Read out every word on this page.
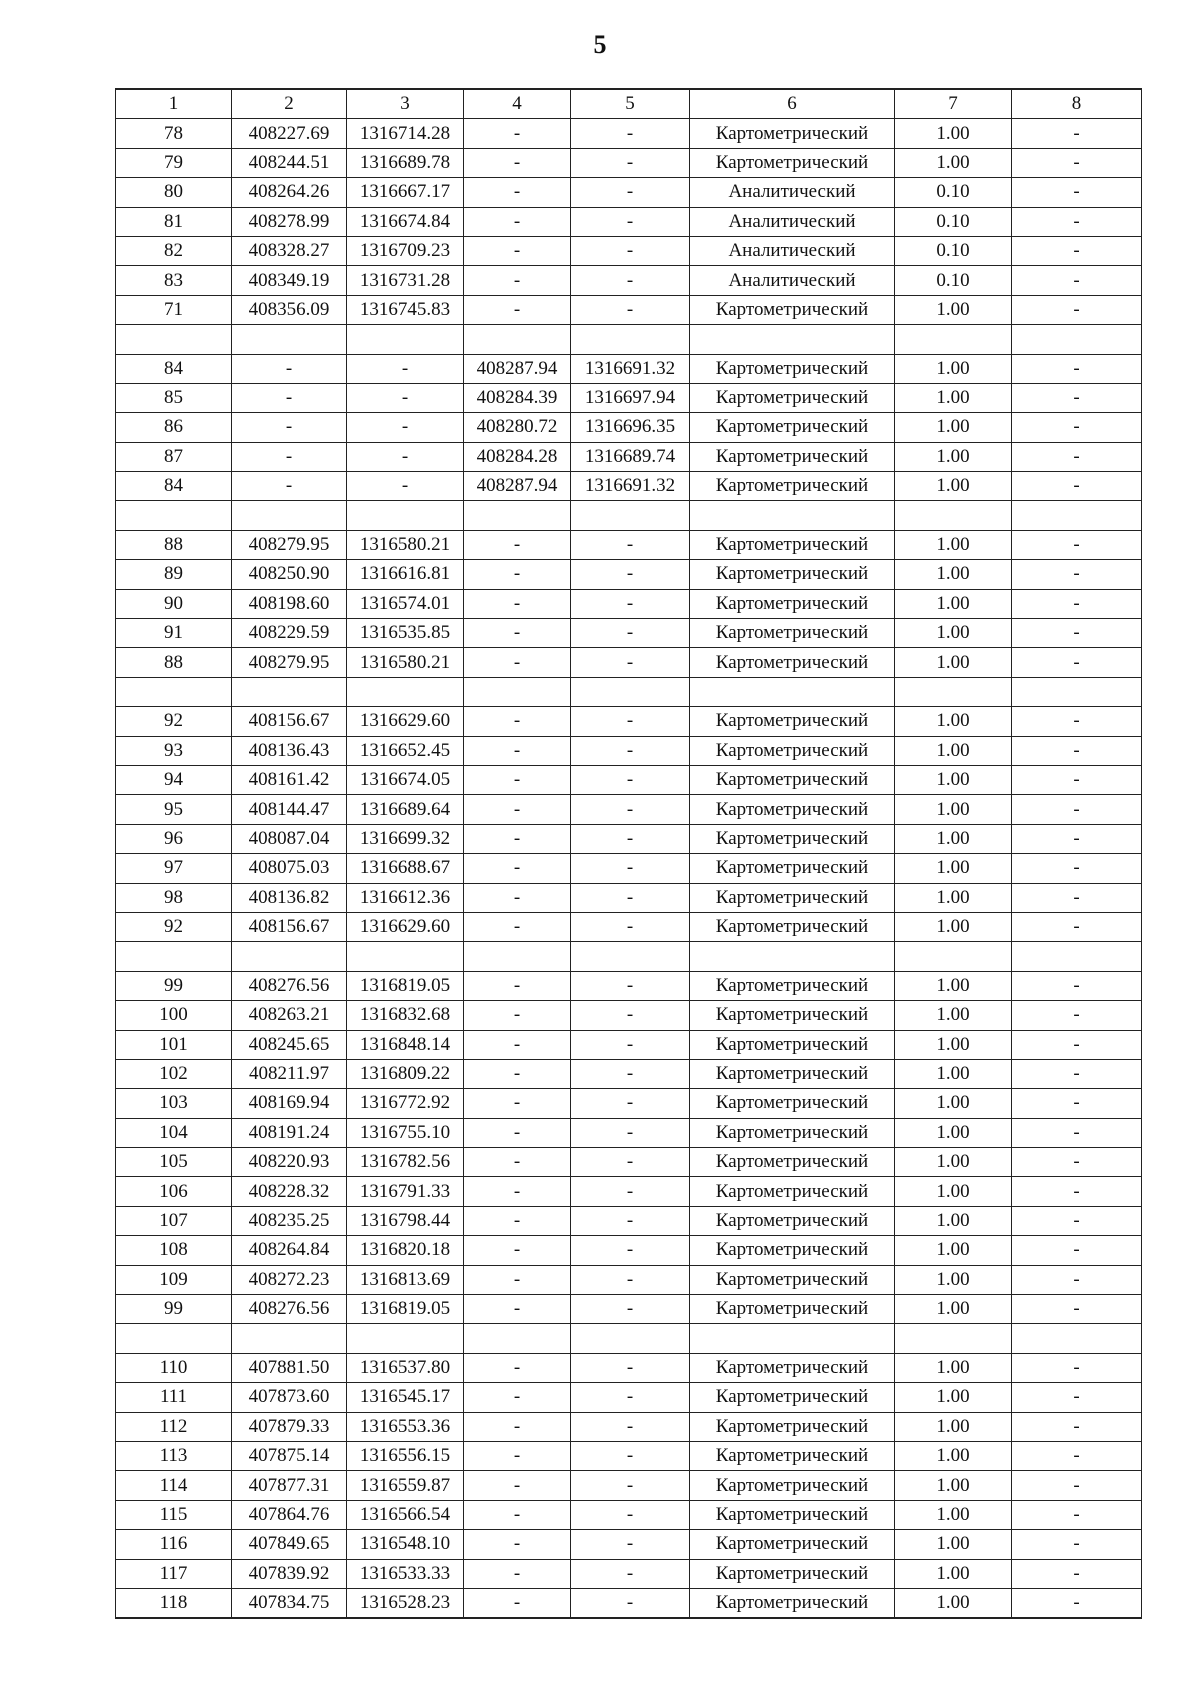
5
1	2	3	4	5	6	7	8
78	408227.69	1316714.28	-	-	Картометрический	1.00	-
79	408244.51	1316689.78	-	-	Картометрический	1.00	-
80	408264.26	1316667.17	-	-	Аналитический	0.10	-
81	408278.99	1316674.84	-	-	Аналитический	0.10	-
82	408328.27	1316709.23	-	-	Аналитический	0.10	-
83	408349.19	1316731.28	-	-	Аналитический	0.10	-
71	408356.09	1316745.83	-	-	Картометрический	1.00	-

84	-	-	408287.94	1316691.32	Картометрический	1.00	-
85	-	-	408284.39	1316697.94	Картометрический	1.00	-
86	-	-	408280.72	1316696.35	Картометрический	1.00	-
87	-	-	408284.28	1316689.74	Картометрический	1.00	-
84	-	-	408287.94	1316691.32	Картометрический	1.00	-

88	408279.95	1316580.21	-	-	Картометрический	1.00	-
89	408250.90	1316616.81	-	-	Картометрический	1.00	-
90	408198.60	1316574.01	-	-	Картометрический	1.00	-
91	408229.59	1316535.85	-	-	Картометрический	1.00	-
88	408279.95	1316580.21	-	-	Картометрический	1.00	-

92	408156.67	1316629.60	-	-	Картометрический	1.00	-
93	408136.43	1316652.45	-	-	Картометрический	1.00	-
94	408161.42	1316674.05	-	-	Картометрический	1.00	-
95	408144.47	1316689.64	-	-	Картометрический	1.00	-
96	408087.04	1316699.32	-	-	Картометрический	1.00	-
97	408075.03	1316688.67	-	-	Картометрический	1.00	-
98	408136.82	1316612.36	-	-	Картометрический	1.00	-
92	408156.67	1316629.60	-	-	Картометрический	1.00	-

99	408276.56	1316819.05	-	-	Картометрический	1.00	-
100	408263.21	1316832.68	-	-	Картометрический	1.00	-
101	408245.65	1316848.14	-	-	Картометрический	1.00	-
102	408211.97	1316809.22	-	-	Картометрический	1.00	-
103	408169.94	1316772.92	-	-	Картометрический	1.00	-
104	408191.24	1316755.10	-	-	Картометрический	1.00	-
105	408220.93	1316782.56	-	-	Картометрический	1.00	-
106	408228.32	1316791.33	-	-	Картометрический	1.00	-
107	408235.25	1316798.44	-	-	Картометрический	1.00	-
108	408264.84	1316820.18	-	-	Картометрический	1.00	-
109	408272.23	1316813.69	-	-	Картометрический	1.00	-
99	408276.56	1316819.05	-	-	Картометрический	1.00	-

110	407881.50	1316537.80	-	-	Картометрический	1.00	-
111	407873.60	1316545.17	-	-	Картометрический	1.00	-
112	407879.33	1316553.36	-	-	Картометрический	1.00	-
113	407875.14	1316556.15	-	-	Картометрический	1.00	-
114	407877.31	1316559.87	-	-	Картометрический	1.00	-
115	407864.76	1316566.54	-	-	Картометрический	1.00	-
116	407849.65	1316548.10	-	-	Картометрический	1.00	-
117	407839.92	1316533.33	-	-	Картометрический	1.00	-
118	407834.75	1316528.23	-	-	Картометрический	1.00	-
